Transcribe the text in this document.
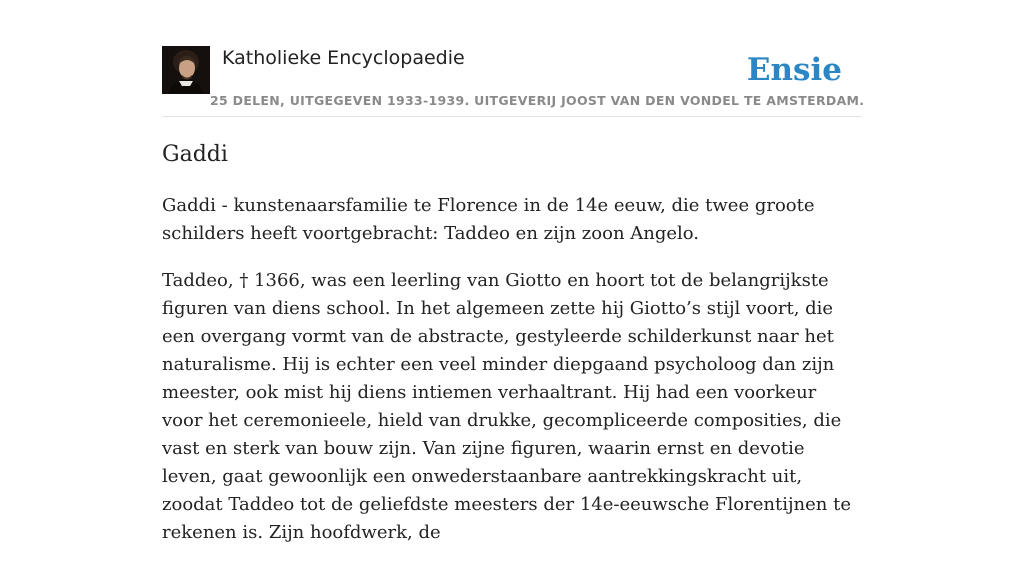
Katholieke Encyclopaedie
25 DELEN, UITGEGEVEN 1933-1939. UITGEVERIJ JOOST VAN DEN VONDEL TE AMSTERDAM.
Ensie
Gaddi

Gaddi - kunstenaarsfamilie te Florence in de 14e eeuw, die twee groote schilders heeft voortgebracht: Taddeo en zijn zoon Angelo.

Taddeo, † 1366, was een leerling van Giotto en hoort tot de belangrijkste figuren van diens school. In het algemeen zette hij Giotto’s stijl voort, die een overgang vormt van de abstracte, gestyleerde schilderkunst naar het naturalisme. Hij is echter een veel minder diepgaand psycholoog dan zijn meester, ook mist hij diens intiemen verhaaltrant. Hij had een voorkeur voor het ceremonieele, hield van drukke, gecompliceerde composities, die vast en sterk van bouw zijn. Van zijne figuren, waarin ernst en devotie leven, gaat gewoonlijk een onwederstaanbare aantrekkingskracht uit, zoodat Taddeo tot de geliefdste meesters der 14e-eeuwsche Florentijnen te rekenen is. Zijn hoofdwerk, de
